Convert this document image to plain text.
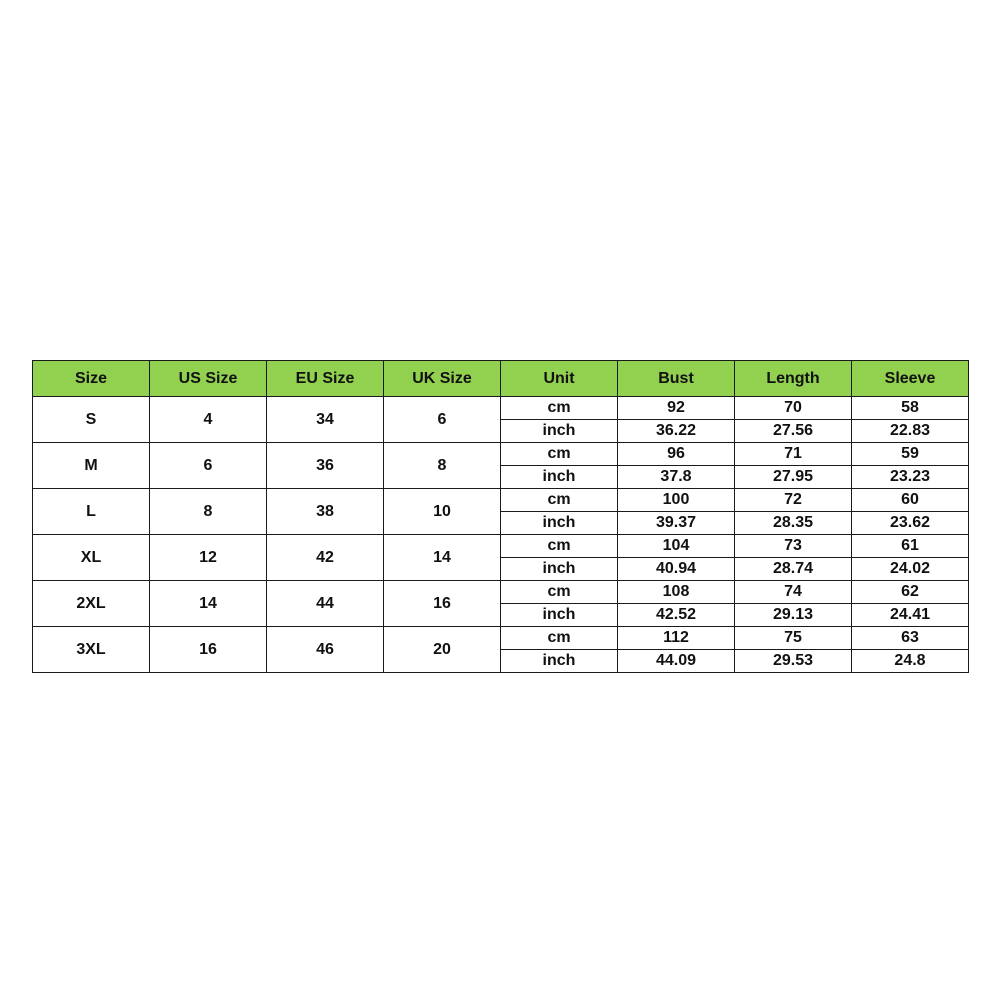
Size	US Size	EU Size	UK Size	Unit	Bust	Length	Sleeve
S	4	34	6	cm	92	70	58
				inch	36.22	27.56	22.83
M	6	36	8	cm	96	71	59
				inch	37.8	27.95	23.23
L	8	38	10	cm	100	72	60
				inch	39.37	28.35	23.62
XL	12	42	14	cm	104	73	61
				inch	40.94	28.74	24.02
2XL	14	44	16	cm	108	74	62
				inch	42.52	29.13	24.41
3XL	16	46	20	cm	112	75	63
				inch	44.09	29.53	24.8
